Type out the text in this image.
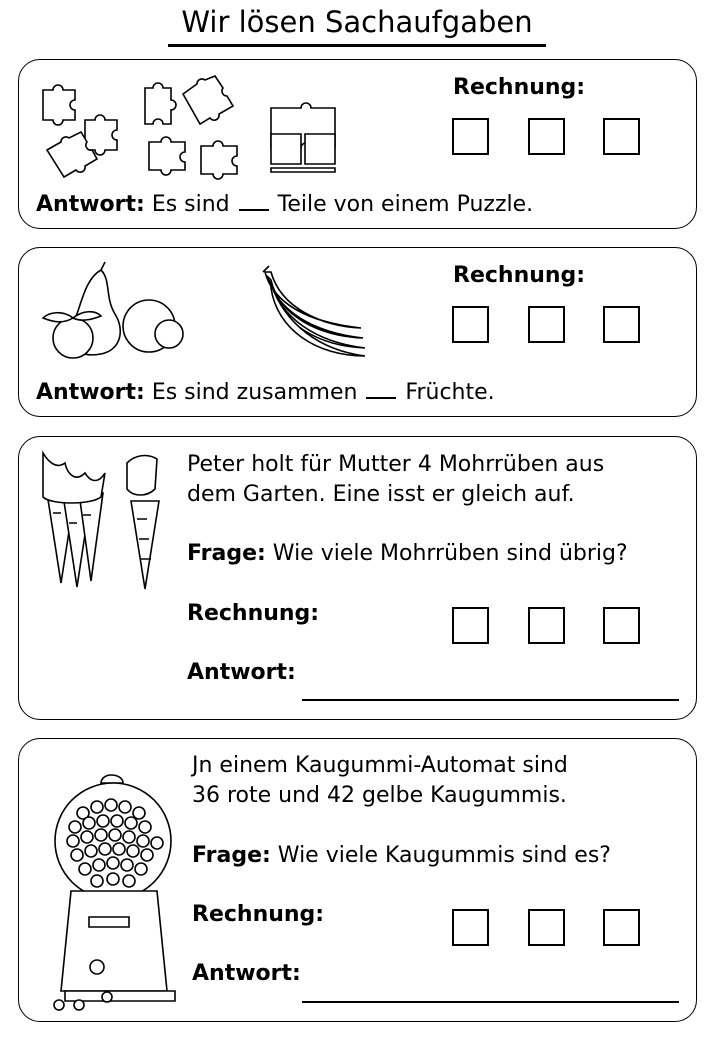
Wir lösen Sachaufgaben
Rechnung:
Antwort: Es sind Teile von einem Puzzle.
Rechnung:
Antwort: Es sind zusammen Früchte.
Peter holt für Mutter 4 Mohrrüben aus
dem Garten. Eine isst er gleich auf.
Frage: Wie viele Mohrrüben sind übrig?
Rechnung:
Antwort:
Jn einem Kaugummi-Automat sind
36 rote und 42 gelbe Kaugummis.
Frage: Wie viele Kaugummis sind es?
Rechnung:
Antwort:
